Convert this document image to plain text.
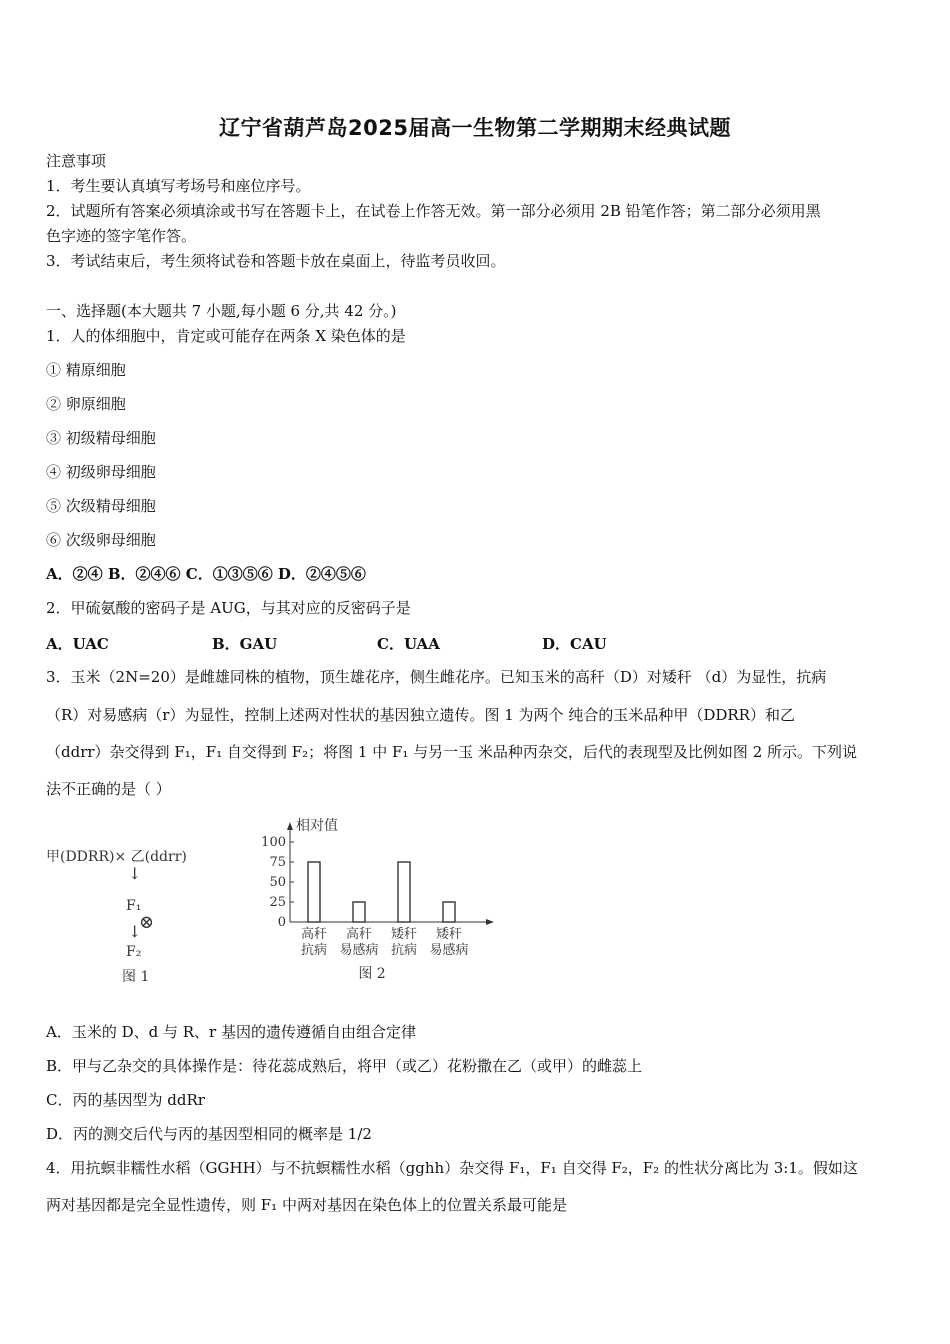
辽宁省葫芦岛2025届高一生物第二学期期末经典试题
注意事项
1．考生要认真填写考场号和座位序号。
2．试题所有答案必须填涂或书写在答题卡上，在试卷上作答无效。第一部分必须用 2B 铅笔作答；第二部分必须用黑
色字迹的签字笔作答。
3．考试结束后，考生须将试卷和答题卡放在桌面上，待监考员收回。
一、选择题(本大题共 7 小题,每小题 6 分,共 42 分。)
1．人的体细胞中，肯定或可能存在两条 X 染色体的是
① 精原细胞
② 卵原细胞
③ 初级精母细胞
④ 初级卵母细胞
⑤ 次级精母细胞
⑥ 次级卵母细胞
A．②④ B．②④⑥ C．①③⑤⑥ D．②④⑤⑥
2．甲硫氨酸的密码子是 AUG，与其对应的反密码子是
A．UAC	B．GAU	C．UAA	D．CAU
3．玉米（2N=20）是雌雄同株的植物，顶生雄花序，侧生雌花序。已知玉米的高秆（D）对矮秆 （d）为显性，抗病
（R）对易感病（r）为显性，控制上述两对性状的基因独立遗传。图 1 为两个 纯合的玉米品种甲（DDRR）和乙
（ddrr）杂交得到 F₁，F₁ 自交得到 F₂；将图 1 中 F₁ 与另一玉 米品种丙杂交，后代的表现型及比例如图 2 所示。下列说
法不正确的是（ ）
甲(DDRR)× 乙(ddrr)
↓
F₁
⊗
↓
F₂
图 1
相对值
100
75
50
25
0
高秆
抗病
高秆
易感病
矮秆
抗病
矮秆
易感病
图 2
A．玉米的 D、d 与 R、r 基因的遗传遵循自由组合定律
B．甲与乙杂交的具体操作是：待花蕊成熟后，将甲（或乙）花粉撒在乙（或甲）的雌蕊上
C．丙的基因型为 ddRr
D．丙的测交后代与丙的基因型相同的概率是 1/2
4．用抗螟非糯性水稻（GGHH）与不抗螟糯性水稻（gghh）杂交得 F₁，F₁ 自交得 F₂，F₂ 的性状分离比为 3:1。假如这
两对基因都是完全显性遗传，则 F₁ 中两对基因在染色体上的位置关系最可能是
